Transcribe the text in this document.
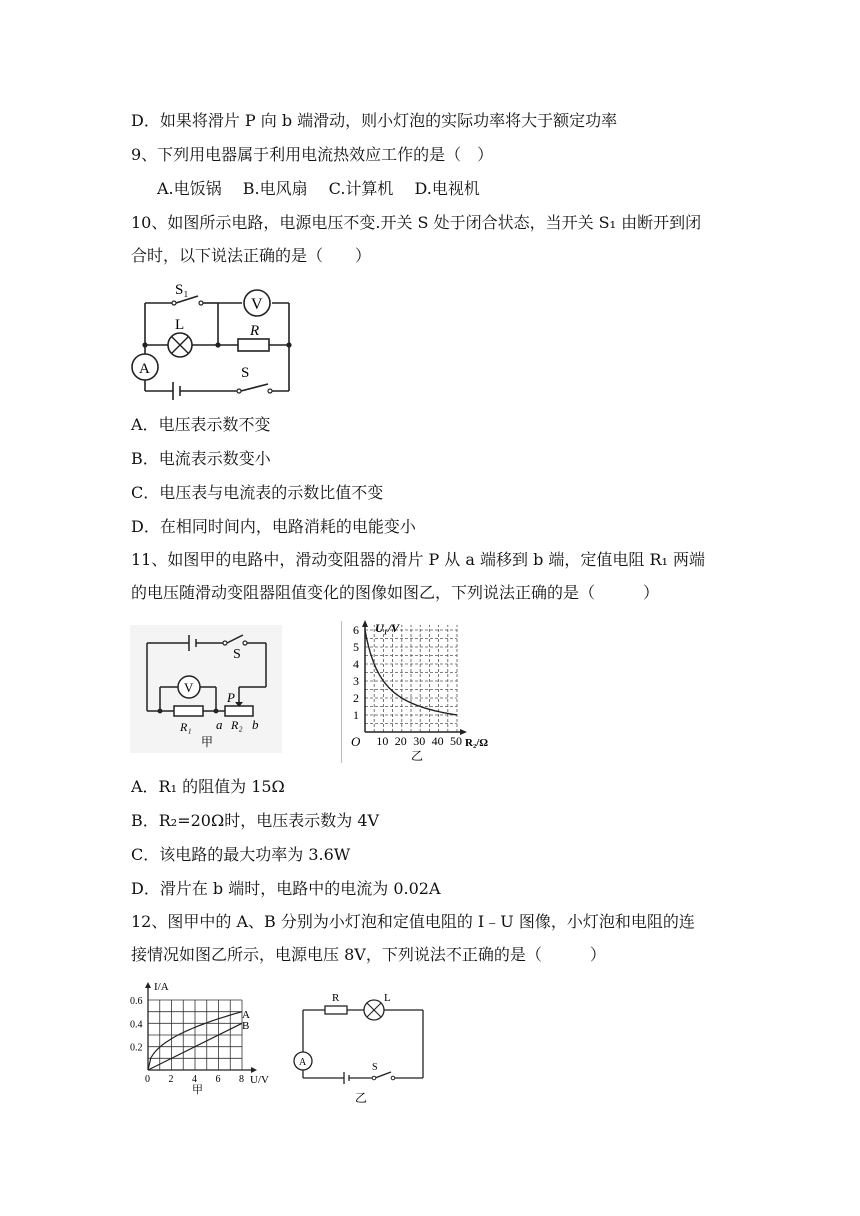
D．如果将滑片 P 向 b 端滑动，则小灯泡的实际功率将大于额定功率
9、下列用电器属于利用电流热效应工作的是（　）
A.电饭锅　 B.电风扇　 C.计算机　 D.电视机
10、如图所示电路，电源电压不变.开关 S 处于闭合状态，当开关 S₁ 由断开到闭
合时，以下说法正确的是（　　）
S₁
V
L	R
A	S
A．电压表示数不变
B．电流表示数变小
C．电压表与电流表的示数比值不变
D．在相同时间内，电路消耗的电能变小
11、如图甲的电路中，滑动变阻器的滑片 P 从 a 端移到 b 端，定值电阻 R₁ 两端
的电压随滑动变阻器阻值变化的图像如图乙，下列说法正确的是（　　　）
S
V
P
R₁ a R₂ b
甲
1
2
3
4
5
6
10 20 30 40 50
U₁/V
R₂/Ω
O
乙
A．R₁ 的阻值为 15Ω
B．R₂=20Ω时，电压表示数为 4V
C．该电路的最大功率为 3.6W
D．滑片在 b 端时，电路中的电流为 0.02A
12、图甲中的 A、B 分别为小灯泡和定值电阻的 I﹣U 图像，小灯泡和电阻的连
接情况如图乙所示，电源电压 8V，下列说法不正确的是（　　　）
0.2
0.4
0.6
0 2 4 6 8
I/A
U/V
A
B
甲
R	L
A	S
乙
